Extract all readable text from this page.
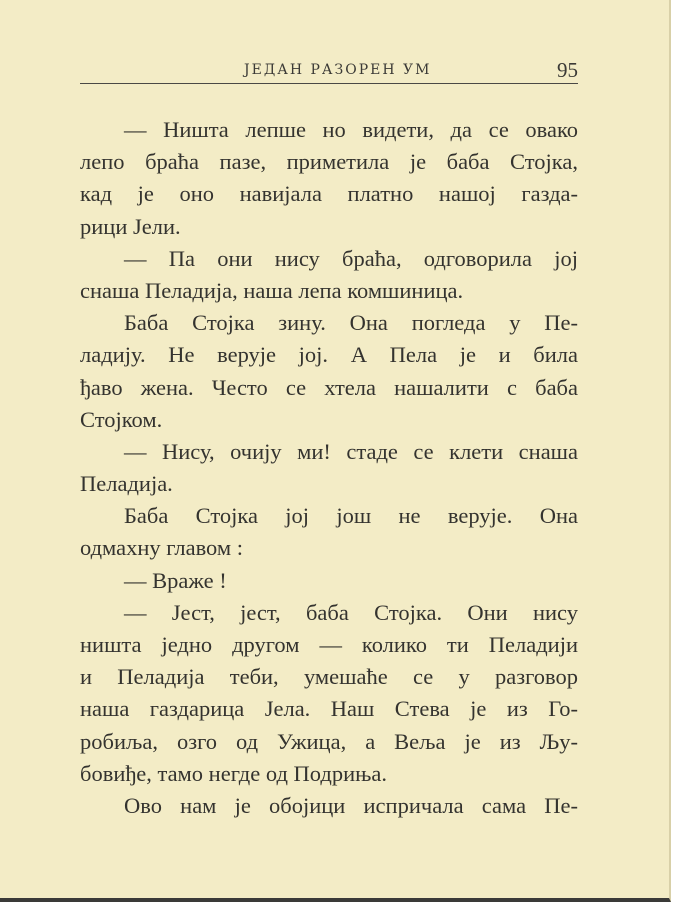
ЈЕДАН РАЗОРЕН УМ	95
— Ништа лепше но видети, да се овако
лепо браћа пазе, приметила је баба Стојка,
кад је оно навијала платно нашој газда-
рици Јели.
— Па они нису браћа, одговорила јој
снаша Пеладија, наша лепа комшиница.
Баба Стојка зину. Она погледа у Пе-
ладију. Не верује јој. А Пела је и била
ђаво жена. Често се хтела нашалити с баба
Стојком.
— Нису, очију ми! стаде се клети снаша
Пеладија.
Баба Стојка јој још не верује. Она
одмахну главом :
— Враже !
— Јест, јест, баба Стојка. Они нису
ништа једно другом — колико ти Пеладији
и Пеладија теби, умешаће се у разговор
наша газдарица Јела. Наш Стева је из Го-
робиља, озго од Ужица, а Веља је из Љу-
бовиђе, тамо негде од Подриња.
Ово нам је обојици испричала сама Пе-
